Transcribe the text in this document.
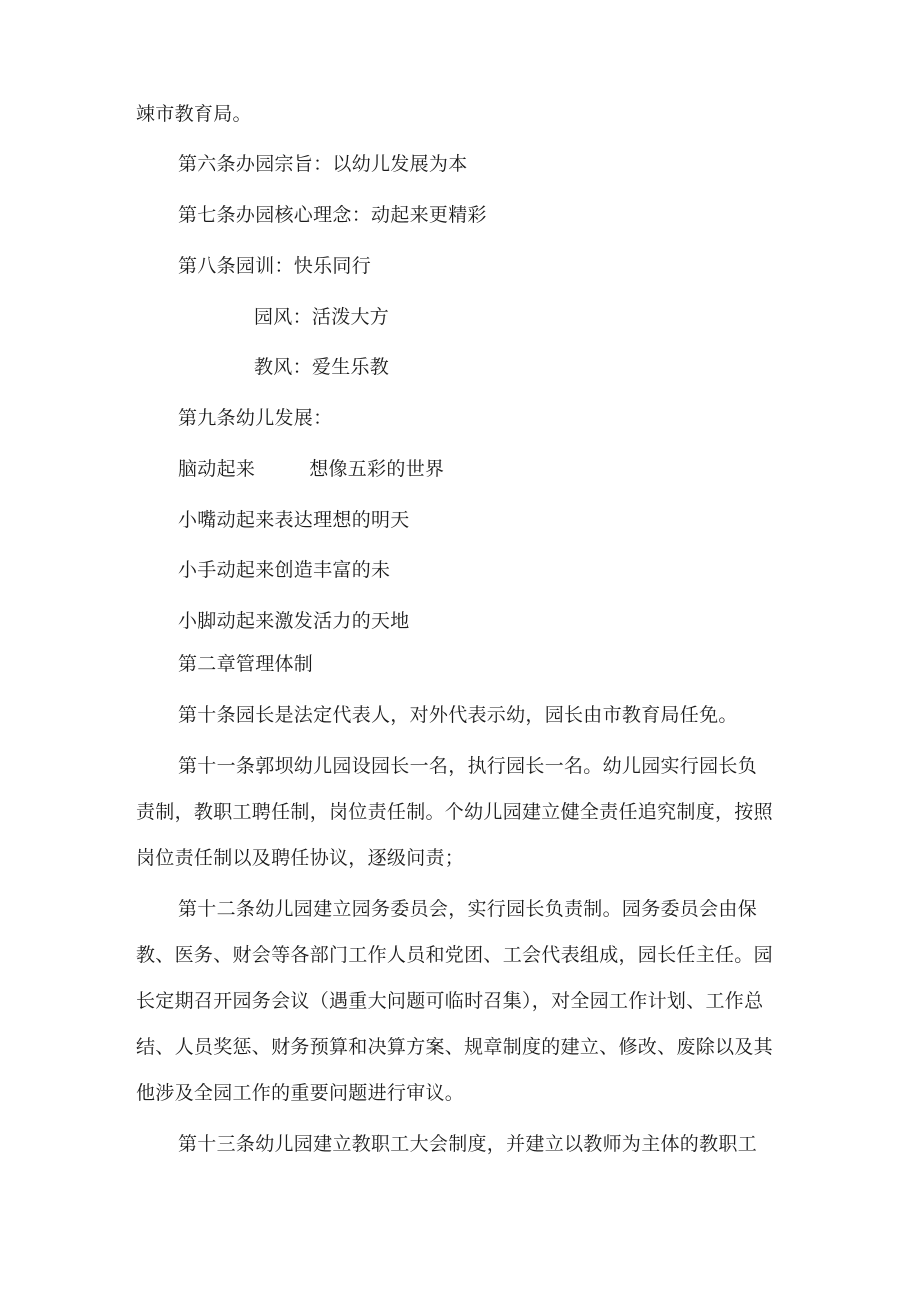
竦市教育局。
第六条办园宗旨：以幼儿发展为本
第七条办园核心理念：动起来更精彩
第八条园训：快乐同行
园风：活泼大方
教风：爱生乐教
第九条幼儿发展：
脑动起来	想像五彩的世界
小嘴动起来表达理想的明天
小手动起来创造丰富的未
小脚动起来激发活力的天地
第二章管理体制
第十条园长是法定代表人，对外代表示幼，园长由市教育局任免。
第十一条郭坝幼儿园设园长一名，执行园长一名。幼儿园实行园长负
责制，教职工聘任制，岗位责任制。个幼儿园建立健全责任追究制度，按照
岗位责任制以及聘任协议，逐级问责；
第十二条幼儿园建立园务委员会，实行园长负责制。园务委员会由保
教、医务、财会等各部门工作人员和党团、工会代表组成，园长任主任。园
长定期召开园务会议（遇重大问题可临时召集），对全园工作计划、工作总
结、人员奖惩、财务预算和决算方案、规章制度的建立、修改、废除以及其
他涉及全园工作的重要问题进行审议。
第十三条幼儿园建立教职工大会制度，并建立以教师为主体的教职工
